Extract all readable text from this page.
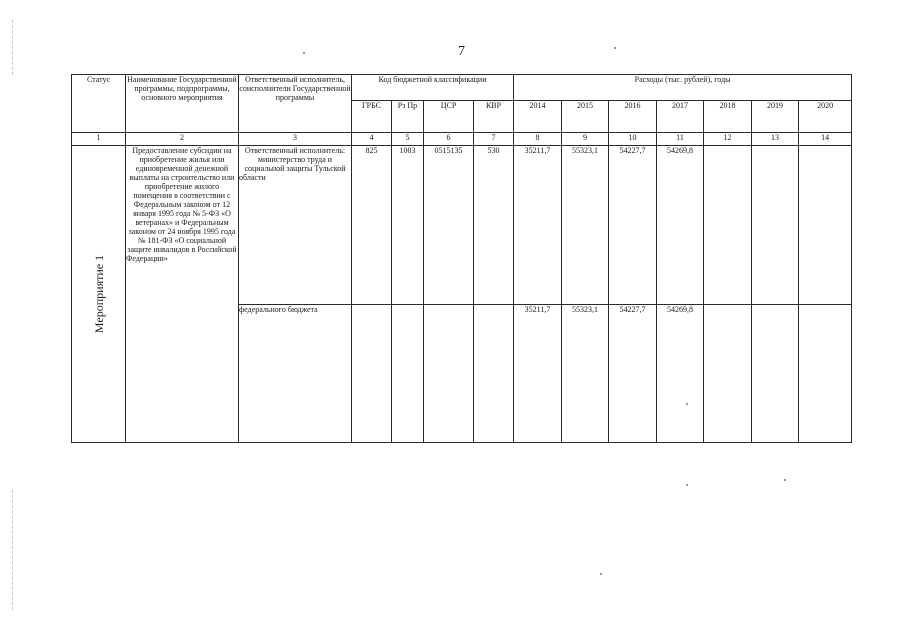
7
Статус	Наименование Государственной программы, подпрограммы, основного мероприятия	Ответственный исполнитель, соисполнители Государственной программы	Код бюджетной классификации				Расходы (тыс. рублей), годы						
			ГРБС	Рз Пр	ЦСР	КВР	2014	2015	2016	2017	2018	2019	2020
1	2	3	4	5	6	7	8	9	10	11	12	13	14

Мероприятие 1	Предоставление субсидии на приобретение жилья или единовременной денежной выплаты на строительство или приобретение жилого помещения в соответствии с Федеральным законом от 12 января 1995 года № 5-ФЗ «О ветеранах» и Федеральным законом от 24 ноября 1995 года № 181-ФЗ «О социальной защите инвалидов в Российской Федерации»	Ответственный исполнитель: министерство труда и социальной защиты Тульской области	825	1003	0515135	530	35211,7	55323,1	54227,7	54269,8			
		федерального бюджета					35211,7	55323,1	54227,7	54269,8			
